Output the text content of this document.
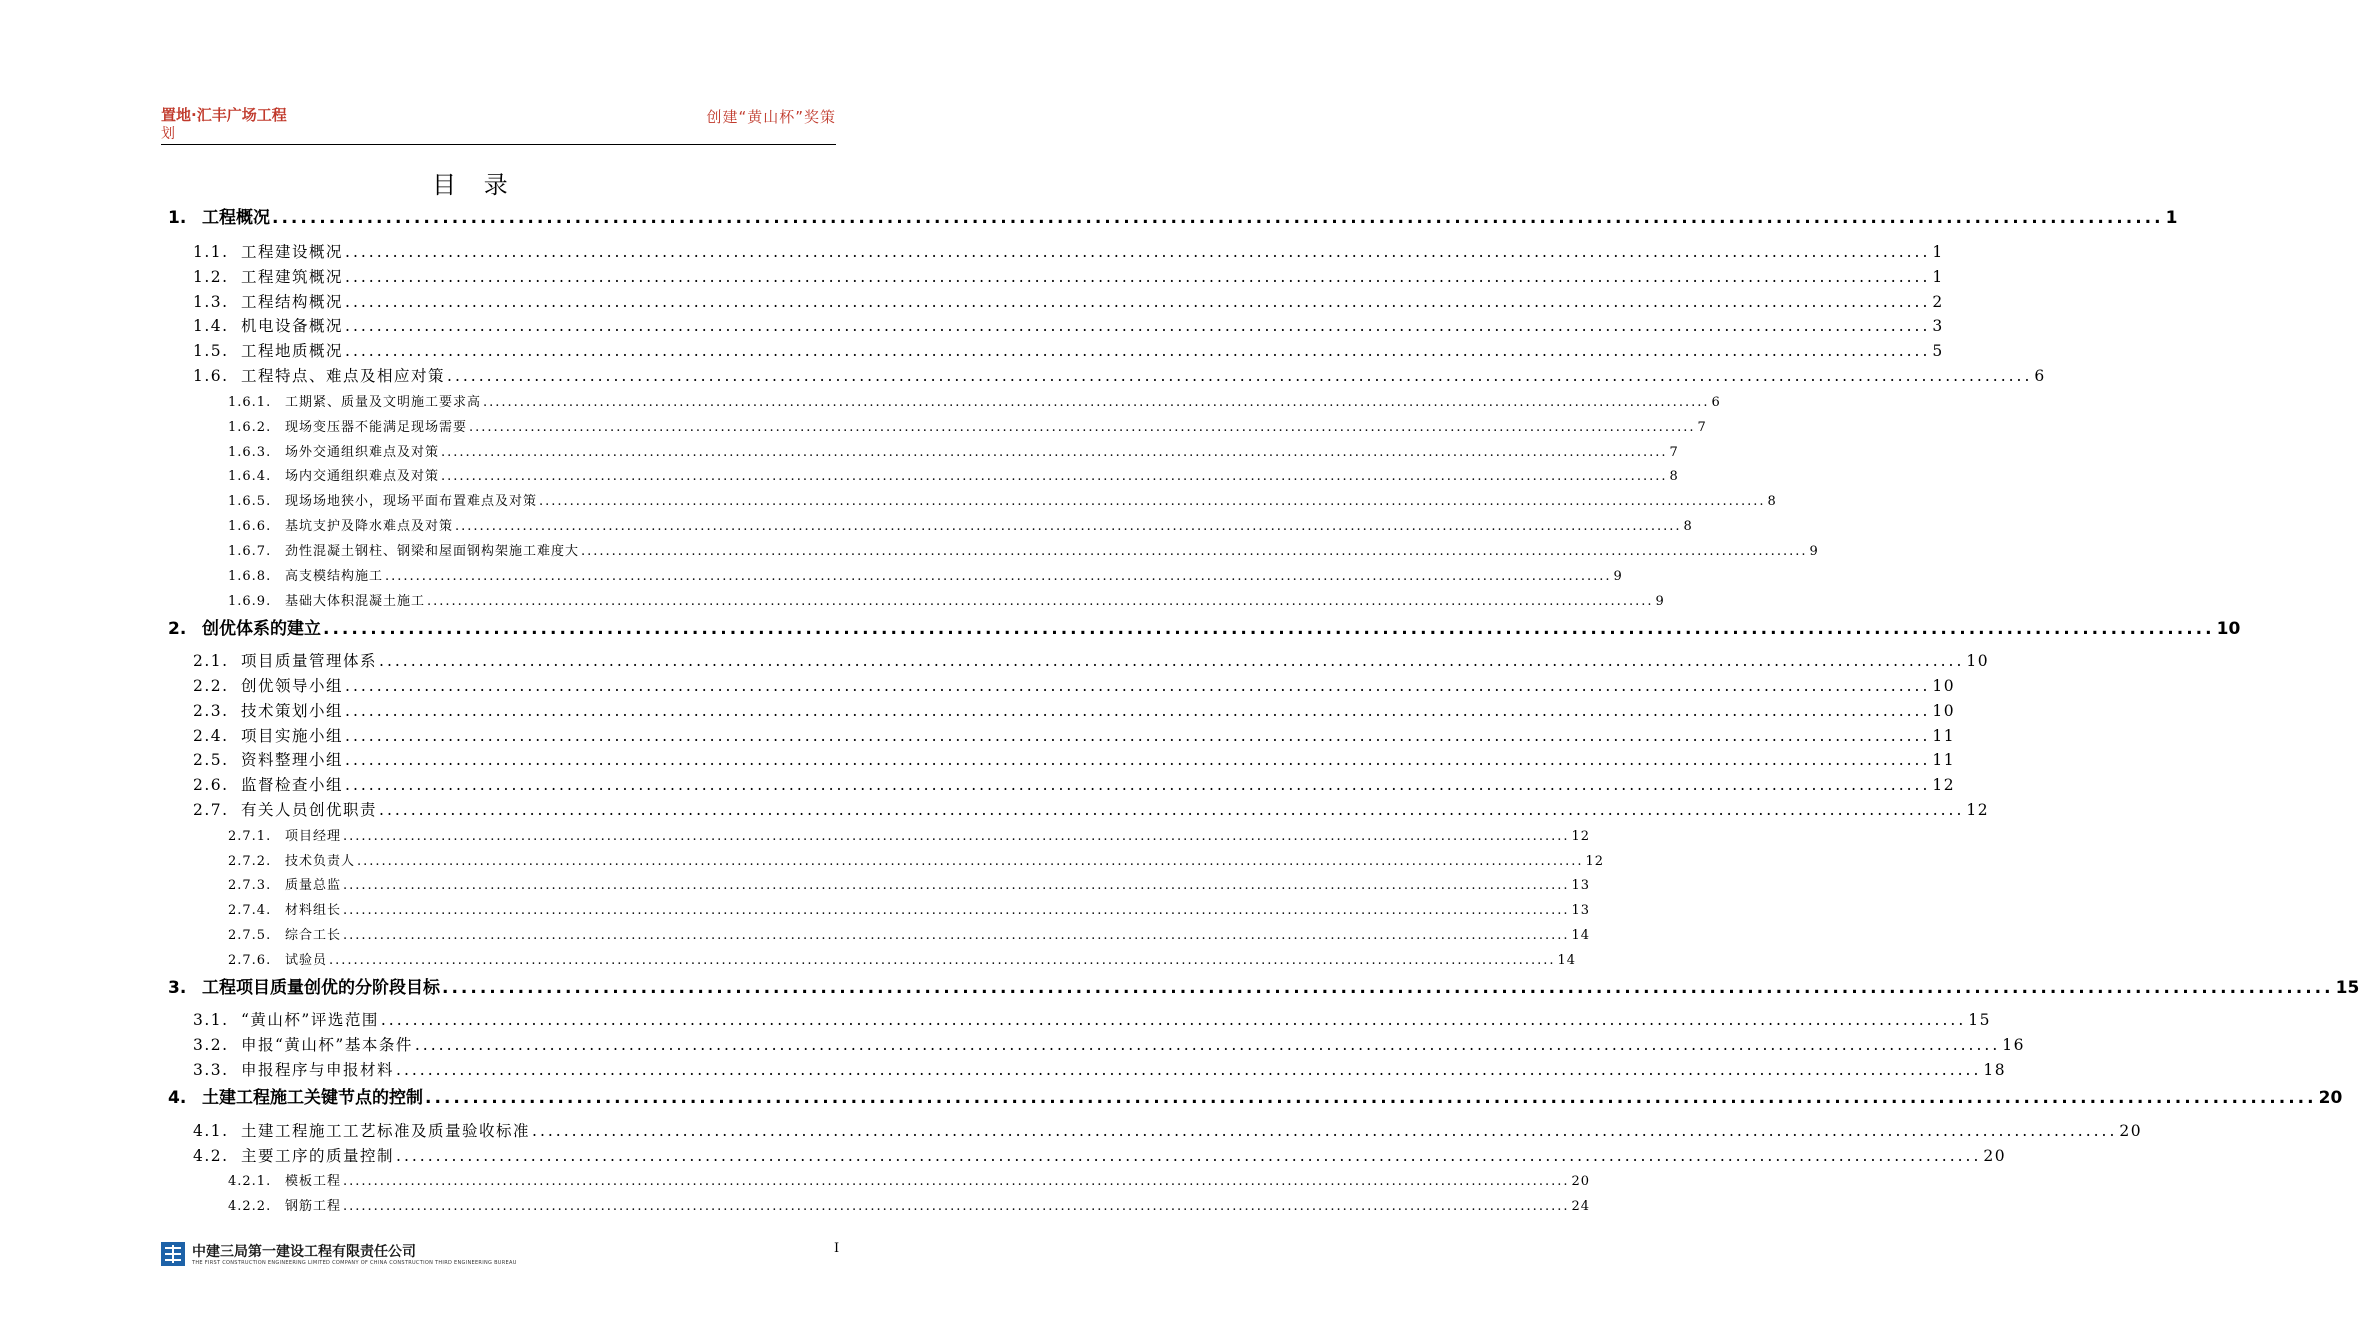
置地·汇丰广场工程
划
创建“黄山杯”奖策
目 录
1. 工程概况 ........................................................................................................................................................................................................ 1
1.1. 工程建设概况 ........................................................................................................................................................................................................ 1
1.2. 工程建筑概况 ........................................................................................................................................................................................................ 1
1.3. 工程结构概况 ........................................................................................................................................................................................................ 2
1.4. 机电设备概况 ........................................................................................................................................................................................................ 3
1.5. 工程地质概况 ........................................................................................................................................................................................................ 5
1.6. 工程特点、难点及相应对策 ........................................................................................................................................................................................................ 6
1.6.1.	工期紧、质量及文明施工要求高 ........................................................................................................................................................................................................ 6
1.6.2.	现场变压器不能满足现场需要 ........................................................................................................................................................................................................ 7
1.6.3.	场外交通组织难点及对策 ........................................................................................................................................................................................................ 7
1.6.4.	场内交通组织难点及对策 ........................................................................................................................................................................................................ 8
1.6.5.	现场场地狭小，现场平面布置难点及对策 ........................................................................................................................................................................................................ 8
1.6.6.	基坑支护及降水难点及对策 ........................................................................................................................................................................................................ 8
1.6.7.	劲性混凝土钢柱、钢梁和屋面钢构架施工难度大 ........................................................................................................................................................................................................ 9
1.6.8.	高支模结构施工 ........................................................................................................................................................................................................ 9
1.6.9.	基础大体积混凝土施工 ........................................................................................................................................................................................................ 9
2. 创优体系的建立 ........................................................................................................................................................................................................ 10
2.1. 项目质量管理体系 ........................................................................................................................................................................................................ 10
2.2. 创优领导小组 ........................................................................................................................................................................................................ 10
2.3. 技术策划小组 ........................................................................................................................................................................................................ 10
2.4. 项目实施小组 ........................................................................................................................................................................................................ 11
2.5. 资料整理小组 ........................................................................................................................................................................................................ 11
2.6. 监督检查小组 ........................................................................................................................................................................................................ 12
2.7. 有关人员创优职责 ........................................................................................................................................................................................................ 12
2.7.1.	项目经理 ........................................................................................................................................................................................................ 12
2.7.2.	技术负责人 ........................................................................................................................................................................................................ 12
2.7.3.	质量总监 ........................................................................................................................................................................................................ 13
2.7.4.	材料组长 ........................................................................................................................................................................................................ 13
2.7.5.	综合工长 ........................................................................................................................................................................................................ 14
2.7.6.	试验员 ........................................................................................................................................................................................................ 14
3. 工程项目质量创优的分阶段目标 ........................................................................................................................................................................................................ 15
3.1. “黄山杯”评选范围 ........................................................................................................................................................................................................ 15
3.2. 申报“黄山杯”基本条件 ........................................................................................................................................................................................................ 16
3.3. 申报程序与申报材料 ........................................................................................................................................................................................................ 18
4. 土建工程施工关键节点的控制 ........................................................................................................................................................................................................ 20
4.1. 土建工程施工工艺标准及质量验收标准 ........................................................................................................................................................................................................ 20
4.2. 主要工序的质量控制 ........................................................................................................................................................................................................ 20
4.2.1.	模板工程 ........................................................................................................................................................................................................ 20
4.2.2.	钢筋工程 ........................................................................................................................................................................................................ 24
中建三局第一建设工程有限责任公司
THE FIRST CONSTRUCTION ENGINEERING LIMITED COMPANY OF CHINA CONSTRUCTION THIRD ENGINEERING BUREAU
I
